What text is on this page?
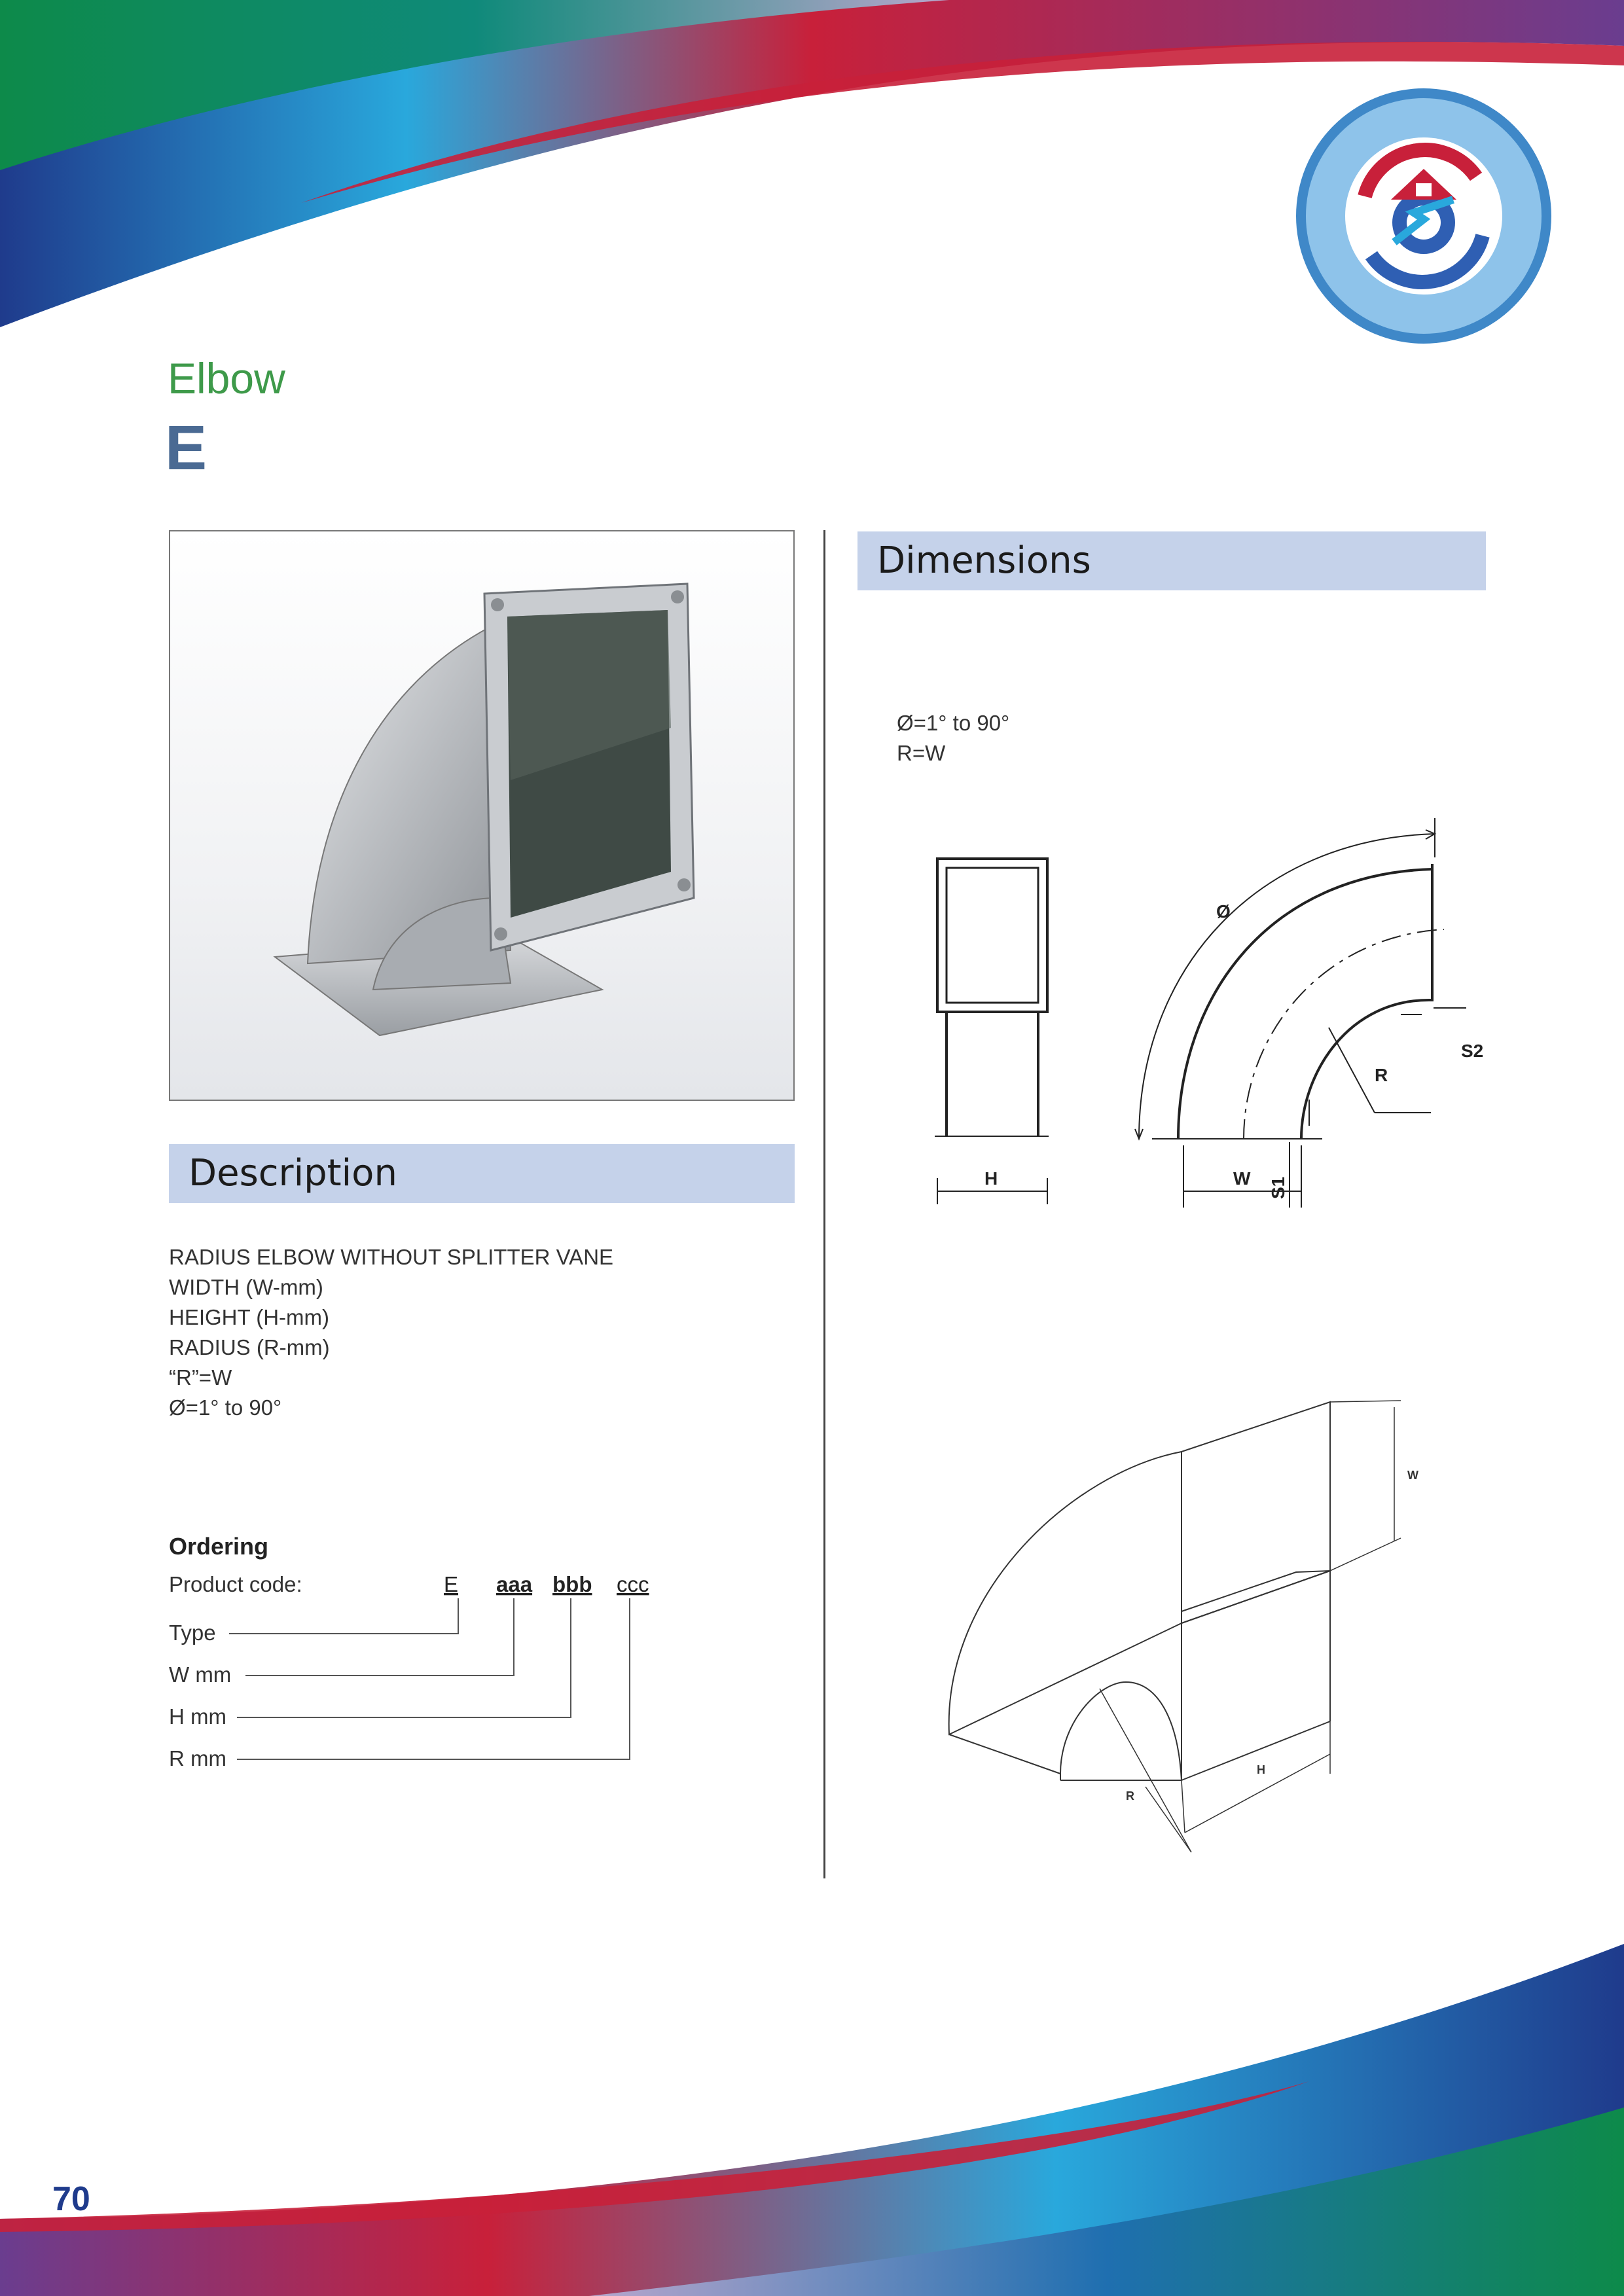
Elbow
E
Description
RADIUS ELBOW WITHOUT SPLITTER VANE
WIDTH (W-mm)
HEIGHT (H-mm)
RADIUS (R-mm)
“R”=W
Ø=1° to 90°
Ordering
Product code:	E aaa bbb ccc
Type
W mm
H mm
R mm
Dimensions
Ø=1° to 90°
R=W
Ø
R
S2
S1
H	W
W
H
R
70
